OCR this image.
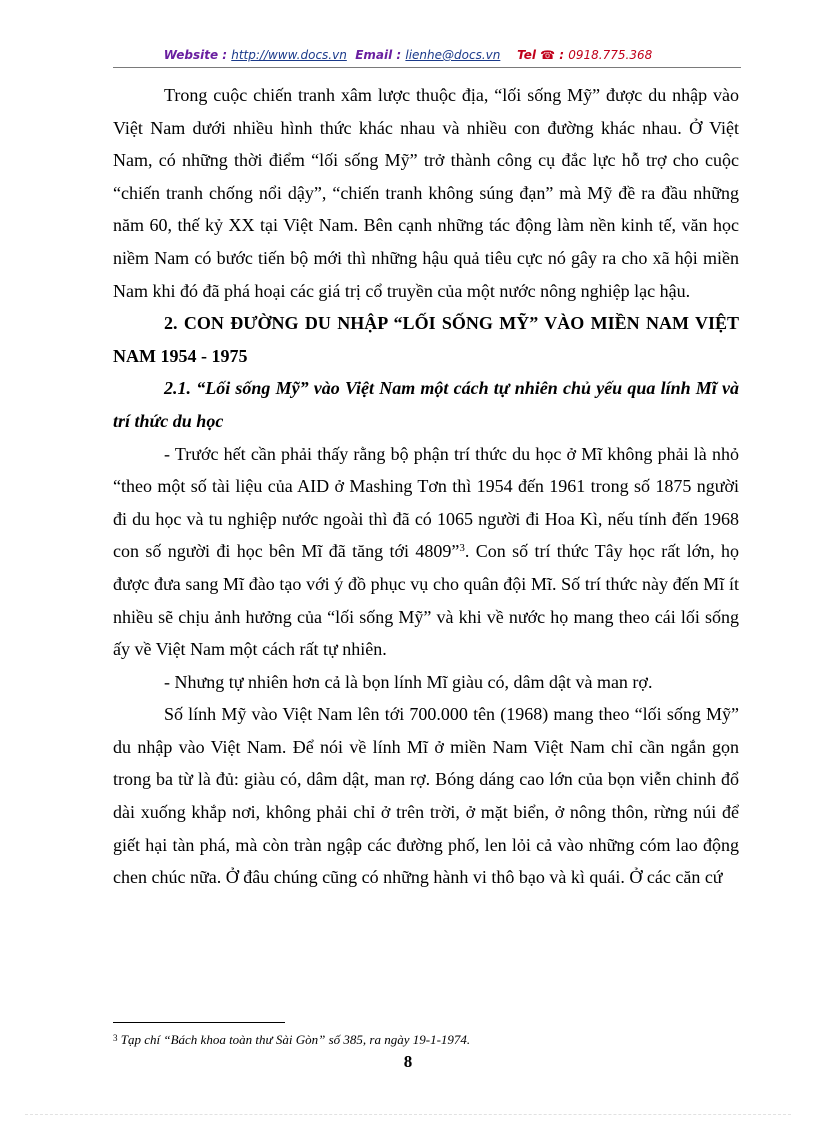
Website : http://www.docs.vn Email : lienhe@docs.vn Tel ☎ : 0918.775.368

Trong cuộc chiến tranh xâm lược thuộc địa, “lối sống Mỹ” được du nhập vào Việt Nam dưới nhiều hình thức khác nhau và nhiều con đường khác nhau. Ở Việt Nam, có những thời điểm “lối sống Mỹ” trở thành công cụ đắc lực hỗ trợ cho cuộc “chiến tranh chống nổi dậy”, “chiến tranh không súng đạn” mà Mỹ đề ra đầu những năm 60, thế kỷ XX tại Việt Nam. Bên cạnh những tác động làm nền kinh tế, văn học niềm Nam có bước tiến bộ mới thì những hậu quả tiêu cực nó gây ra cho xã hội miền Nam khi đó đã phá hoại các giá trị cổ truyền của một nước nông nghiệp lạc hậu.

2. CON ĐƯỜNG DU NHẬP “LỐI SỐNG MỸ” VÀO MIỀN NAM VIỆT NAM 1954 - 1975

2.1. “Lối sống Mỹ” vào Việt Nam một cách tự nhiên chủ yếu qua lính Mĩ và trí thức du học

- Trước hết cần phải thấy rằng bộ phận trí thức du học ở Mĩ không phải là nhỏ “theo một số tài liệu của AID ở Mashing Tơn thì 1954 đến 1961 trong số 1875 người đi du học và tu nghiệp nước ngoài thì đã có 1065 người đi Hoa Kì, nếu tính đến 1968 con số người đi học bên Mĩ đã tăng tới 4809”$^3$. Con số trí thức Tây học rất lớn, họ được đưa sang Mĩ đào tạo với ý đồ phục vụ cho quân đội Mĩ. Số trí thức này đến Mĩ ít nhiều sẽ chịu ảnh hưởng của “lối sống Mỹ” và khi về nước họ mang theo cái lối sống ấy về Việt Nam một cách rất tự nhiên.

- Nhưng tự nhiên hơn cả là bọn lính Mĩ giàu có, dâm dật và man rợ.

Số lính Mỹ vào Việt Nam lên tới 700.000 tên (1968) mang theo “lối sống Mỹ” du nhập vào Việt Nam. Để nói về lính Mĩ ở miền Nam Việt Nam chỉ cần ngắn gọn trong ba từ là đủ: giàu có, dâm dật, man rợ. Bóng dáng cao lớn của bọn viễn chinh đổ dài xuống khắp nơi, không phải chỉ ở trên trời, ở mặt biển, ở nông thôn, rừng núi để giết hại tàn phá, mà còn tràn ngập các đường phố, len lỏi cả vào những cóm lao động chen chúc nữa. Ở đâu chúng cũng có những hành vi thô bạo và kì quái. Ở các căn cứ

$^3$ Tạp chí “Bách khoa toàn thư Sài Gòn” số 385, ra ngày 19-1-1974.
8
